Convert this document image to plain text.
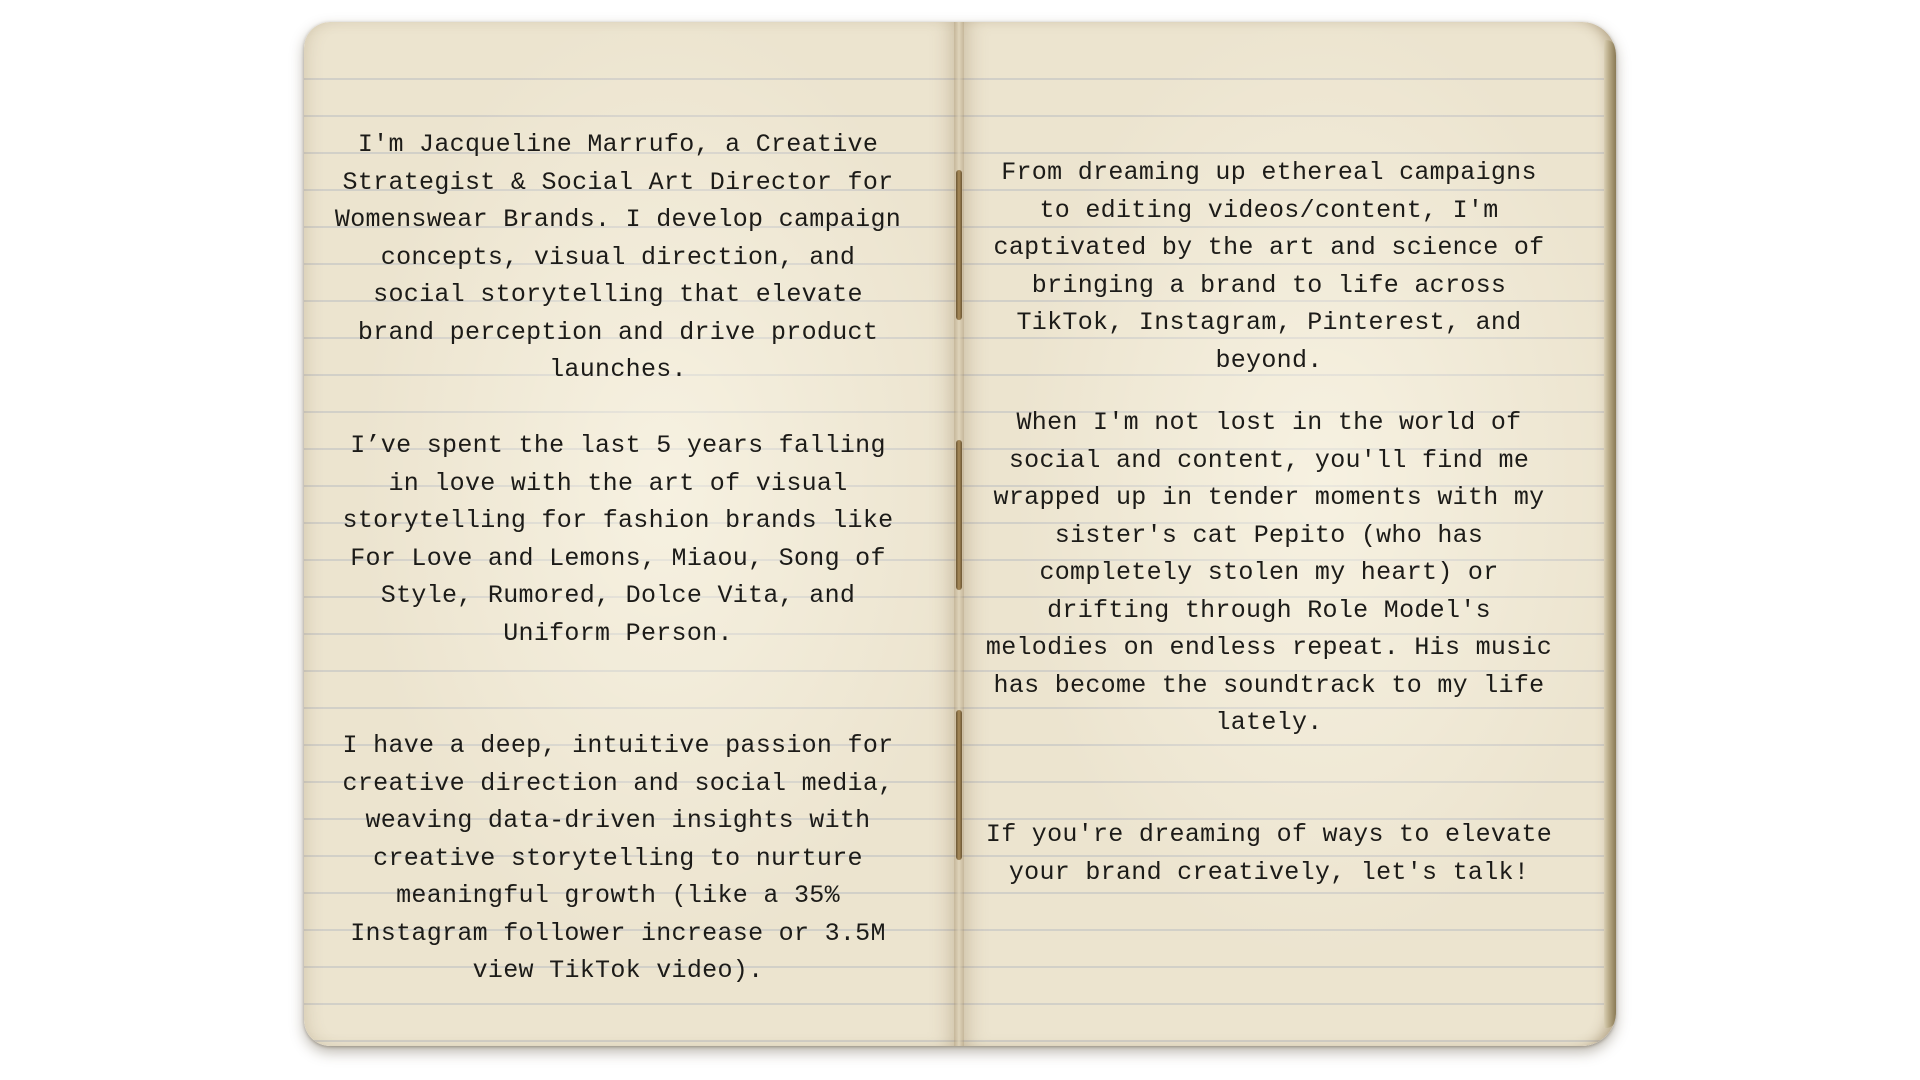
I'm Jacqueline Marrufo, a Creative
Strategist & Social Art Director for
Womenswear Brands. I develop campaign
concepts, visual direction, and
social storytelling that elevate
brand perception and drive product
launches.
I’ve spent the last 5 years falling
in love with the art of visual
storytelling for fashion brands like
For Love and Lemons, Miaou, Song of
Style, Rumored, Dolce Vita, and
Uniform Person.
I have a deep, intuitive passion for
creative direction and social media,
weaving data-driven insights with
creative storytelling to nurture
meaningful growth (like a 35%
Instagram follower increase or 3.5M
view TikTok video).
From dreaming up ethereal campaigns
to editing videos/content, I'm
captivated by the art and science of
bringing a brand to life across
TikTok, Instagram, Pinterest, and
beyond.
When I'm not lost in the world of
social and content, you'll find me
wrapped up in tender moments with my
sister's cat Pepito (who has
completely stolen my heart) or
drifting through Role Model's
melodies on endless repeat. His music
has become the soundtrack to my life
lately.
If you're dreaming of ways to elevate
your brand creatively, let's talk!
